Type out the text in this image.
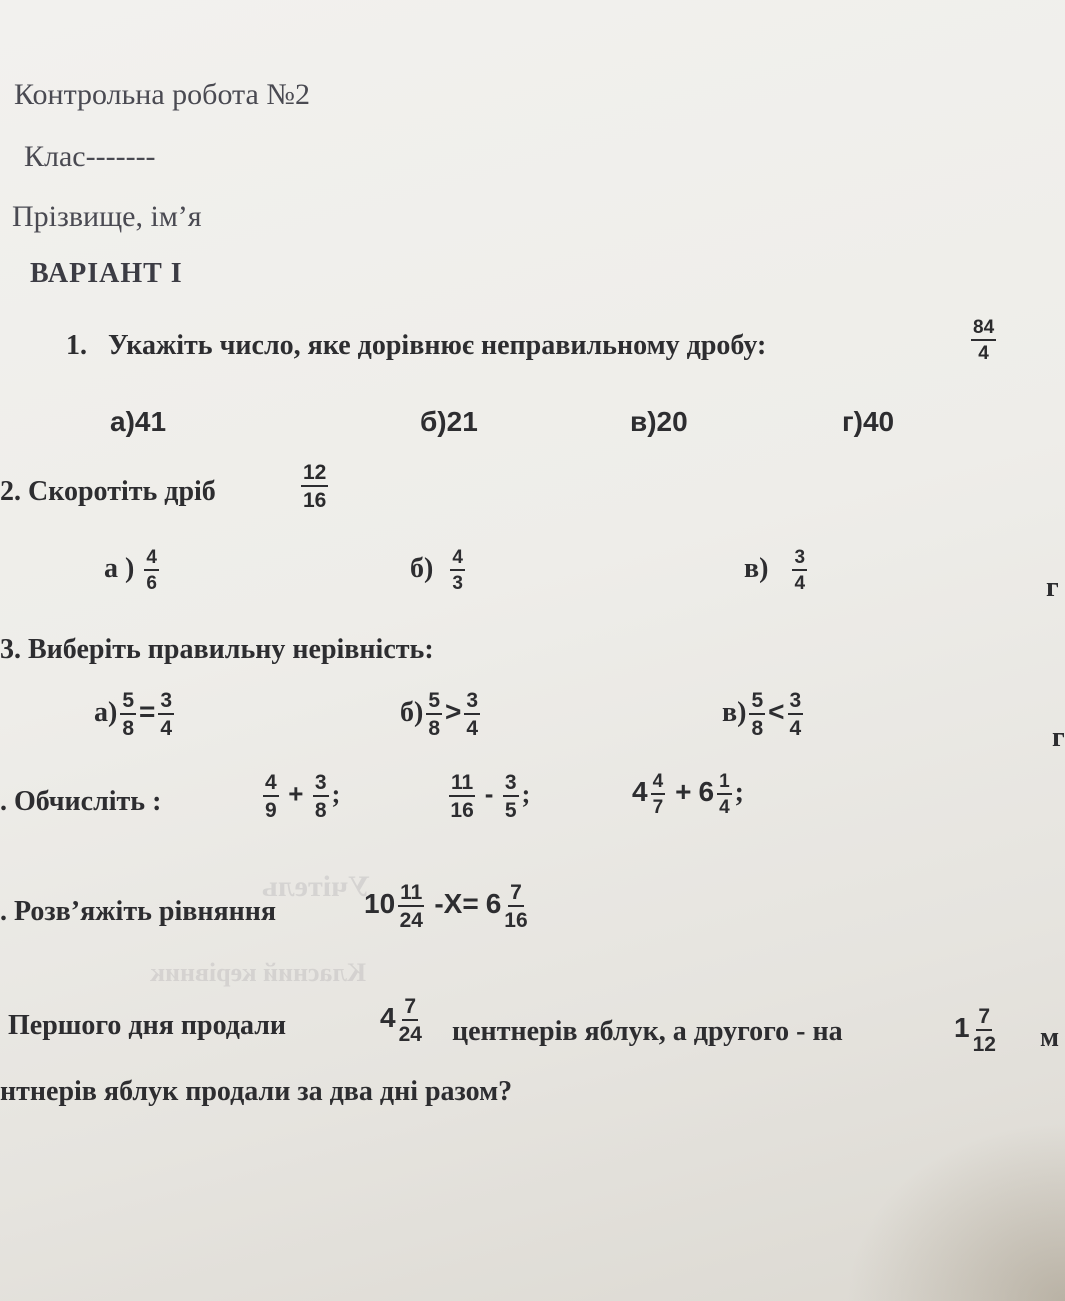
Учітель
Класний керівник
Контрольна робота №2
Клас-------
Прізвище, ім’я
ВАРІАНТ І
1. Укажіть число, яке дорівнює неправильному дробу:	$\frac{84}{4}$
а)41	б)21	в)20	г)40
2. Скоротіть дріб	$\frac{12}{16}$
а ) $\frac{4}{6}$	$б) \frac{4}{3}$	$в) \frac{3}{4}$	г
3. Виберіть правильну нерівність:
$а) \frac{5}{8} = \frac{3}{4}$	$б) \frac{5}{8} > \frac{3}{4}$	$в) \frac{5}{8} < \frac{3}{4}$	г
. Обчисліть :	$\frac{4}{9} + \frac{3}{8}$ ;	$\frac{11}{16} - \frac{3}{5}$ ;	$4 \frac{4}{7} + 6 \frac{1}{4}$ ;
. Розв’яжіть рівняння	$10 \frac{11}{24} -X= 6 \frac{7}{16}$
Першого дня продали	$4 \frac{7}{24}$ центнерів яблук, а другого - на	$1 \frac{7}{12}$ м
нтнерів яблук продали за два дні разом?
